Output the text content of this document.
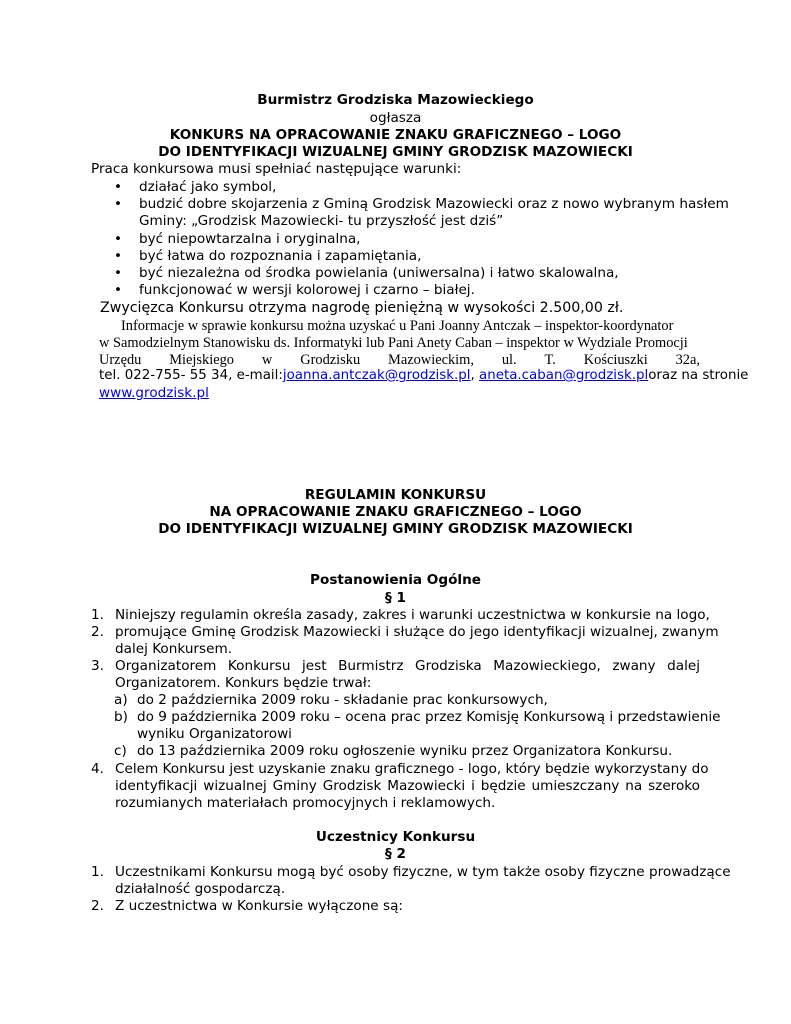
Burmistrz Grodziska Mazowieckiego
ogłasza
KONKURS NA OPRACOWANIE ZNAKU GRAFICZNEGO – LOGO
DO IDENTYFIKACJI WIZUALNEJ GMINY GRODZISK MAZOWIECKI
Praca konkursowa musi spełniać następujące warunki:
• działać jako symbol,
• budzić dobre skojarzenia z Gminą Grodzisk Mazowiecki oraz z nowo wybranym hasłem
Gminy: „Grodzisk Mazowiecki- tu przyszłość jest dziś”
• być niepowtarzalna i oryginalna,
• być łatwa do rozpoznania i zapamiętania,
• być niezależna od środka powielania (uniwersalna) i łatwo skalowalna,
• funkcjonować w wersji kolorowej i czarno – białej.
Zwycięzca Konkursu otrzyma nagrodę pieniężną w wysokości 2.500,00 zł.
Informacje w sprawie konkursu można uzyskać u Pani Joanny Antczak – inspektor-koordynator
w Samodzielnym Stanowisku ds. Informatyki lub Pani Anety Caban – inspektor w Wydziale Promocji
Urzędu Miejskiego w Grodzisku Mazowieckim, ul. T. Kościuszki 32a,
tel. 022-755- 55 34, e-mail: joanna.antczak@grodzisk.pl, aneta.caban@grodzisk.pl oraz na stronie
www.grodzisk.pl
REGULAMIN KONKURSU
NA OPRACOWANIE ZNAKU GRAFICZNEGO – LOGO
DO IDENTYFIKACJI WIZUALNEJ GMINY GRODZISK MAZOWIECKI
Postanowienia Ogólne
§ 1
1. Niniejszy regulamin określa zasady, zakres i warunki uczestnictwa w konkursie na logo,
2. promujące Gminę Grodzisk Mazowiecki i służące do jego identyfikacji wizualnej, zwanym
dalej Konkursem.
3. Organizatorem Konkursu jest Burmistrz Grodziska Mazowieckiego, zwany dalej
Organizatorem. Konkurs będzie trwał:
a) do 2 października 2009 roku - składanie prac konkursowych,
b) do 9 października 2009 roku – ocena prac przez Komisję Konkursową i przedstawienie
wyniku Organizatorowi
c) do 13 października 2009 roku ogłoszenie wyniku przez Organizatora Konkursu.
4. Celem Konkursu jest uzyskanie znaku graficznego - logo, który będzie wykorzystany do
identyfikacji wizualnej Gminy Grodzisk Mazowiecki i będzie umieszczany na szeroko
rozumianych materiałach promocyjnych i reklamowych.
Uczestnicy Konkursu
§ 2
1. Uczestnikami Konkursu mogą być osoby fizyczne, w tym także osoby fizyczne prowadzące
działalność gospodarczą.
2. Z uczestnictwa w Konkursie wyłączone są:
